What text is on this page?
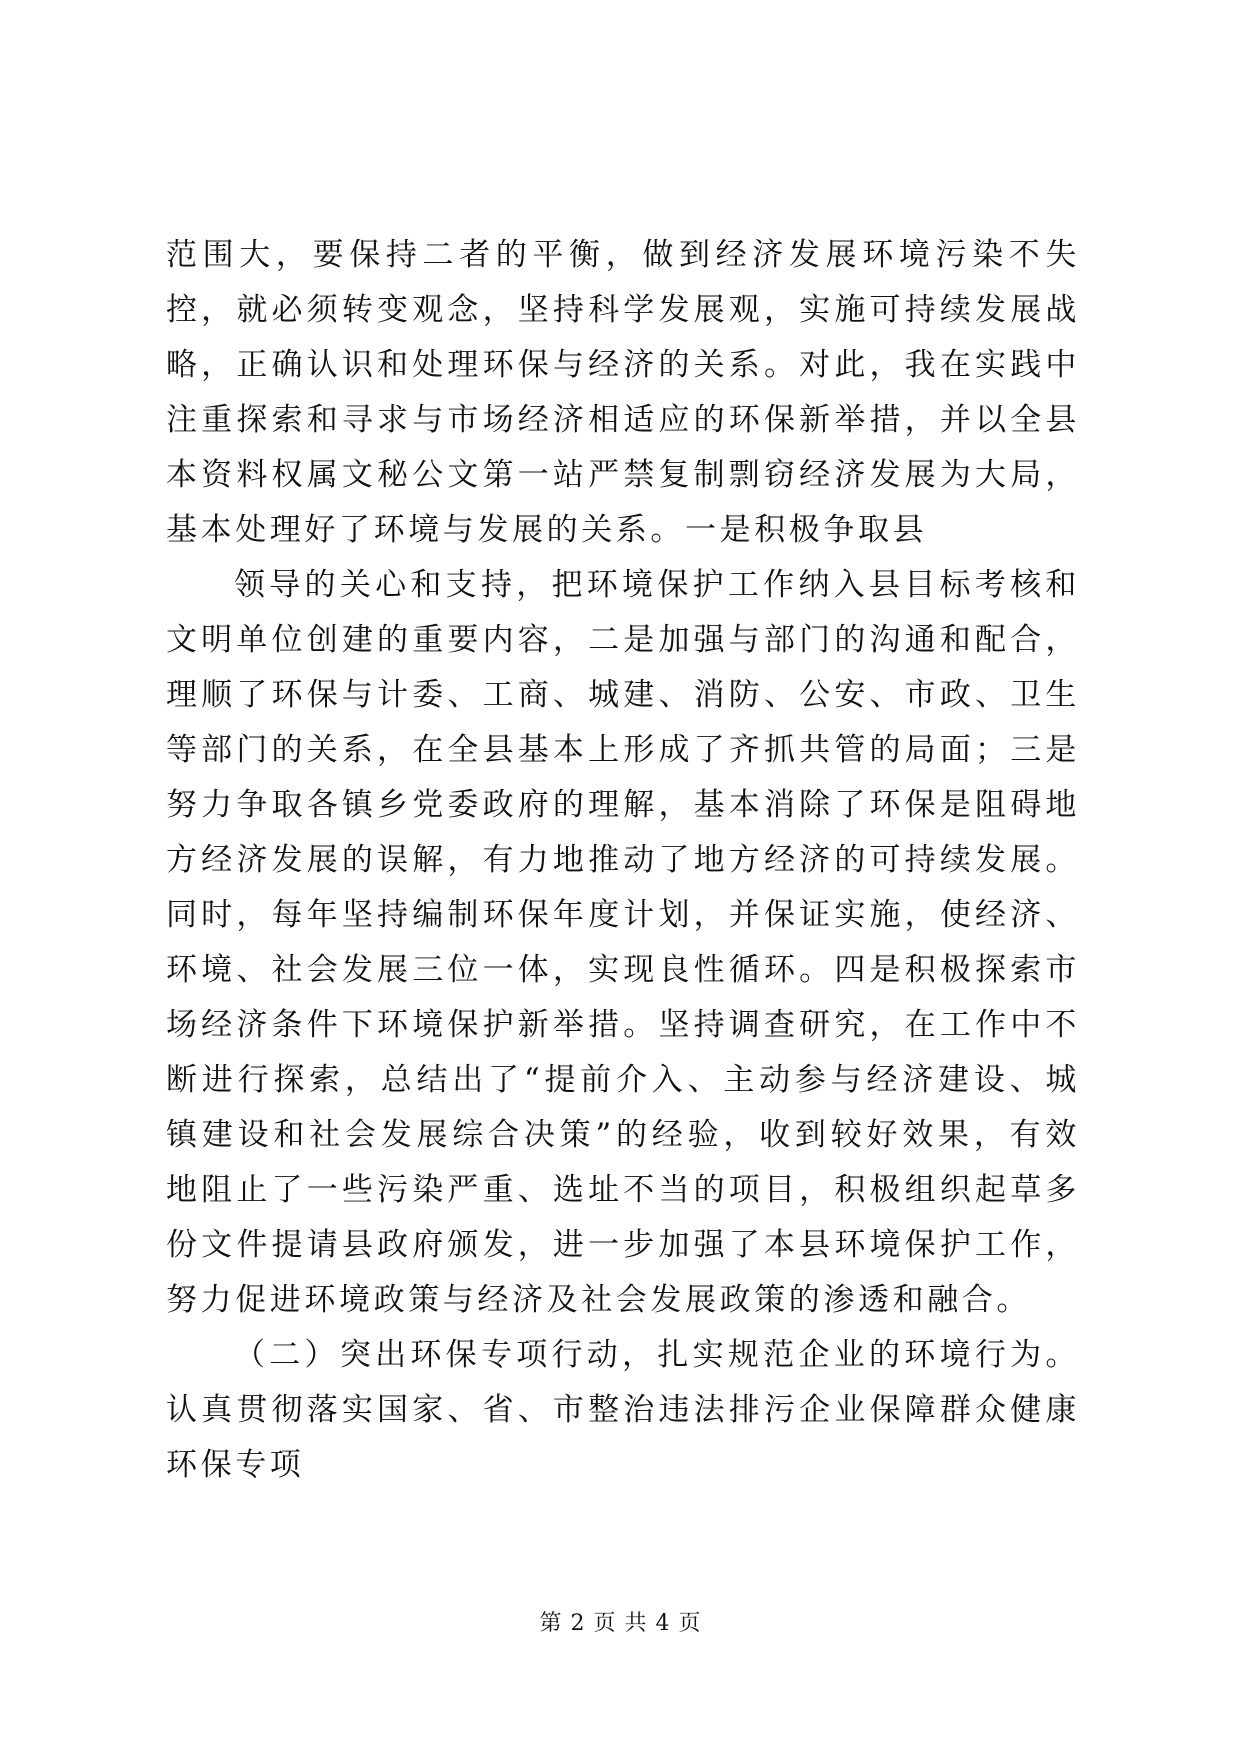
范围大，要保持二者的平衡，做到经济发展环境污染不失控，就必须转变观念，坚持科学发展观，实施可持续发展战略，正确认识和处理环保与经济的关系。对此，我在实践中注重探索和寻求与市场经济相适应的环保新举措，并以全县本资料权属文秘公文第一站严禁复制剽窃经济发展为大局，基本处理好了环境与发展的关系。一是积极争取县

领导的关心和支持，把环境保护工作纳入县目标考核和文明单位创建的重要内容，二是加强与部门的沟通和配合，理顺了环保与计委、工商、城建、消防、公安、市政、卫生等部门的关系，在全县基本上形成了齐抓共管的局面；三是努力争取各镇乡党委政府的理解，基本消除了环保是阻碍地方经济发展的误解，有力地推动了地方经济的可持续发展。同时，每年坚持编制环保年度计划，并保证实施，使经济、环境、社会发展三位一体，实现良性循环。四是积极探索市场经济条件下环境保护新举措。坚持调查研究，在工作中不断进行探索，总结出了“提前介入、主动参与经济建设、城镇建设和社会发展综合决策”的经验，收到较好效果，有效地阻止了一些污染严重、选址不当的项目，积极组织起草多份文件提请县政府颁发，进一步加强了本县环境保护工作，努力促进环境政策与经济及社会发展政策的渗透和融合。

（二）突出环保专项行动，扎实规范企业的环境行为。认真贯彻落实国家、省、市整治违法排污企业保障群众健康环保专项

第 2 页 共 4 页
